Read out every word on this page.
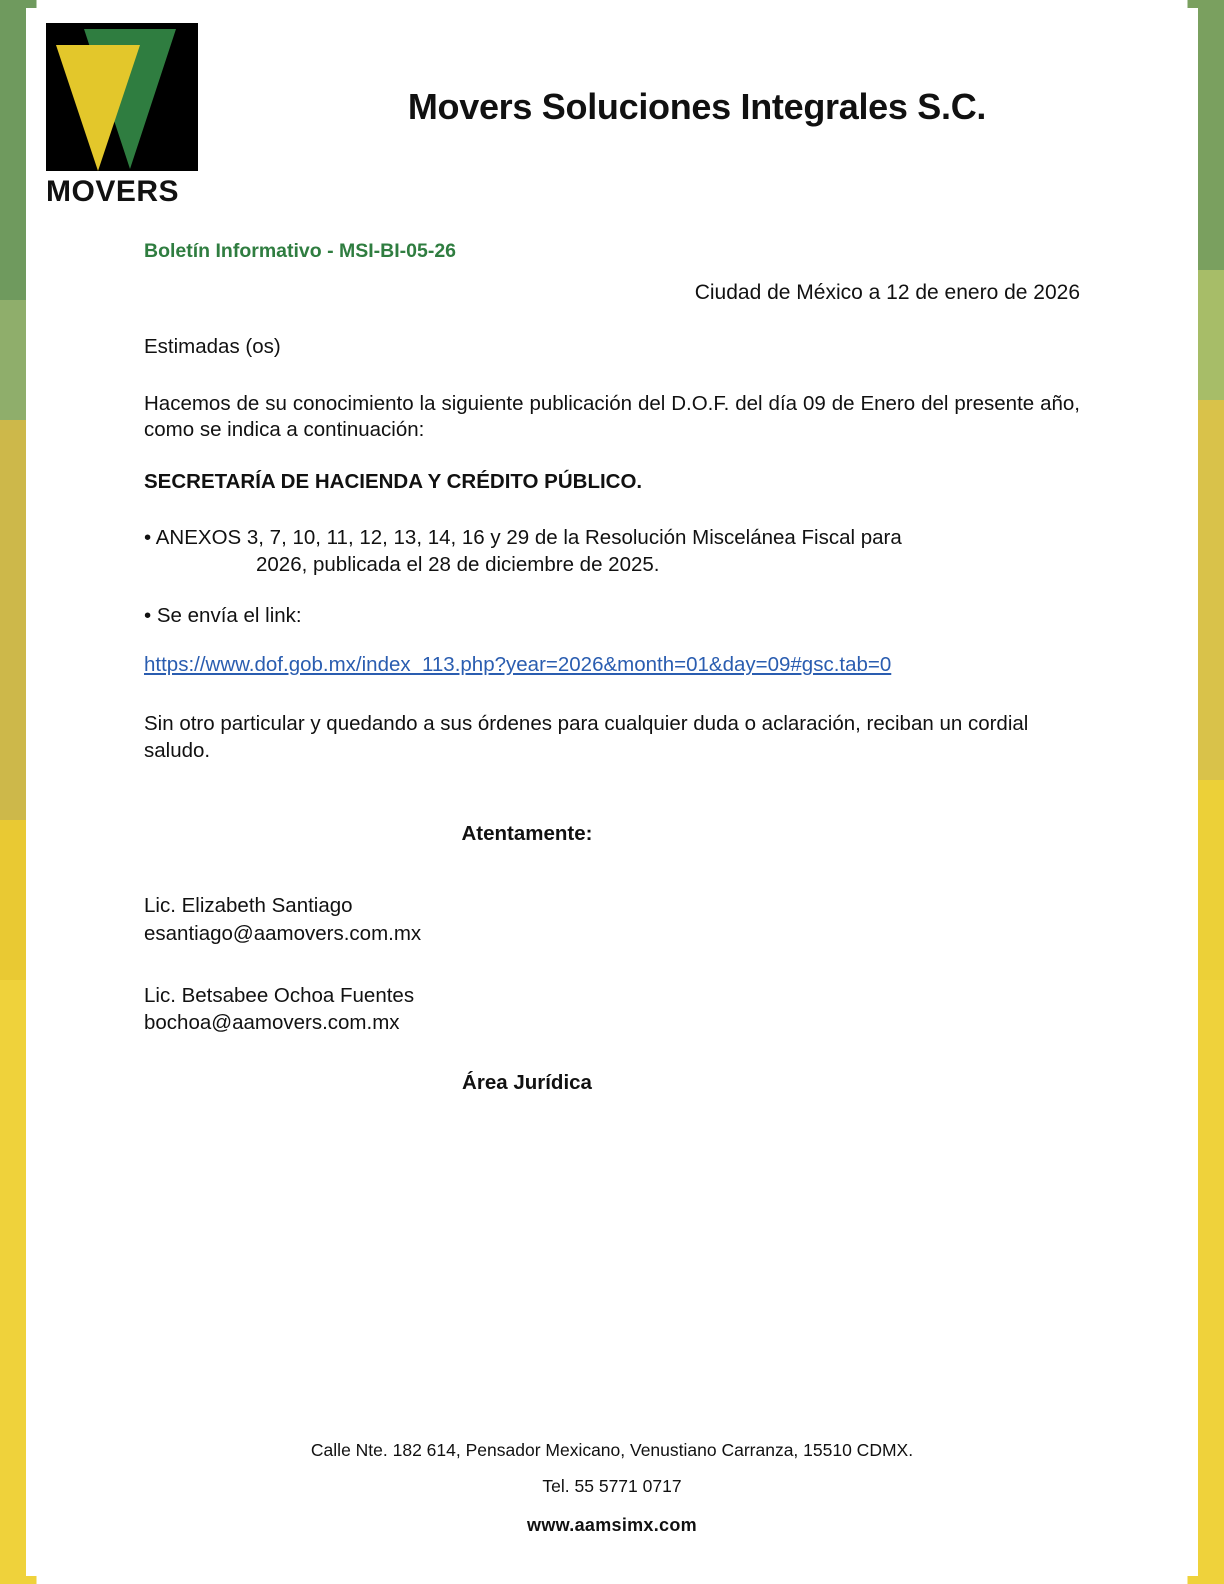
MOVERS
Movers Soluciones Integrales S.C.
Boletín Informativo - MSI-BI-05-26
Ciudad de México a 12 de enero de 2026

Estimadas (os)

Hacemos de su conocimiento la siguiente publicación del D.O.F. del día 09 de Enero del presente año, como se indica a continuación:

SECRETARÍA DE HACIENDA Y CRÉDITO PÚBLICO.

• ANEXOS 3, 7, 10, 11, 12, 13, 14, 16 y 29 de la Resolución Miscelánea Fiscal para
2026, publicada el 28 de diciembre de 2025.

• Se envía el link:

https://www.dof.gob.mx/index_113.php?year=2026&month=01&day=09#gsc.tab=0

Sin otro particular y quedando a sus órdenes para cualquier duda o aclaración, reciban un cordial saludo.

Atentamente:
Lic. Elizabeth Santiago
esantiago@aamovers.com.mx
Lic. Betsabee Ochoa Fuentes
bochoa@aamovers.com.mx
Área Jurídica
Calle Nte. 182 614, Pensador Mexicano, Venustiano Carranza, 15510 CDMX.
Tel. 55 5771 0717
www.aamsimx.com
